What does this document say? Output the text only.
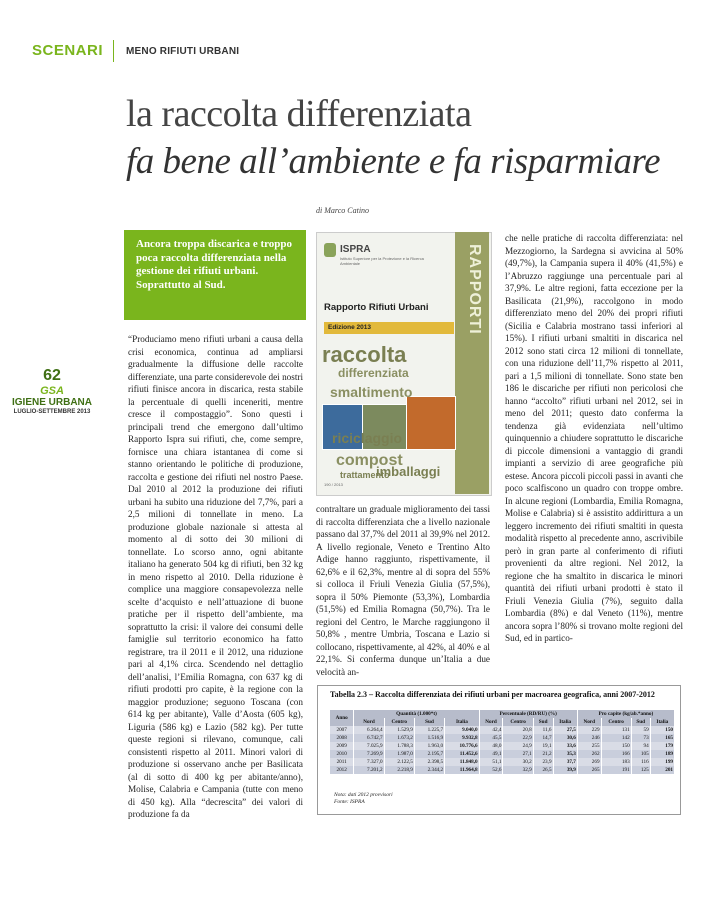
SCENARI MENO RIFIUTI URBANI
la raccolta differenziata
fa bene all’ambiente e fa risparmiare
di Marco Catino
62
GSA
IGIENE URBANA
LUGLIO-SETTEMBRE 2013
Ancora troppa discarica e troppo poca raccolta differenziata nella gestione dei rifiuti urbani. Soprattutto al Sud.

“Produciamo meno rifiuti urbani a causa della crisi economica, continua ad ampliarsi gradualmente la diffusione delle raccolte differenziate, una parte considerevole dei nostri rifiuti finisce ancora in discarica, resta stabile la percentuale di quelli inceneriti, mentre cresce il compostaggio”. Sono questi i principali trend che emergono dall’ultimo Rapporto Ispra sui rifiuti, che, come sempre, fornisce una chiara istantanea di come si stanno orientando le politiche di produzione, raccolta e gestione dei rifiuti nel nostro Paese. Dal 2010 al 2012 la produzione dei rifiuti urbani ha subito una riduzione del 7,7%, pari a 2,5 milioni di tonnellate in meno. La produzione globale nazionale si attesta al momento al di sotto dei 30 milioni di tonnellate. Lo scorso anno, ogni abitante italiano ha generato 504 kg di rifiuti, ben 32 kg in meno rispetto al 2010. Della riduzione è complice una maggiore consapevolezza nelle scelte d’acquisto e nell’attuazione di buone pratiche per il rispetto dell’ambiente, ma soprattutto la crisi: il valore dei consumi delle famiglie sul territorio economico ha fatto registrare, tra il 2011 e il 2012, una riduzione pari al 4,1% circa. Scendendo nel dettaglio dell’analisi, l’Emilia Romagna, con 637 kg di rifiuti prodotti pro capite, è la regione con la maggior produzione; seguono Toscana (con 614 kg per abitante), Valle d’Aosta (605 kg), Liguria (586 kg) e Lazio (582 kg). Per tutte queste regioni si rilevano, comunque, cali consistenti rispetto al 2011. Minori valori di produzione si osservano anche per Basilicata (al di sotto di 400 kg per abitante/anno), Molise, Calabria e Campania (tutte con meno di 450 kg). Alla “decrescita” dei valori di produzione fa da

RAPPORTI
ISPRA
Istituto Superiore per la Protezione e la Ricerca Ambientale
Rapporto Rifiuti Urbani
Edizione 2013
raccolta
differenziata
smaltimento
riciclaggio
compost
trattamento
imballaggi
190 / 2013

contraltare un graduale miglioramento dei tassi di raccolta differenziata che a livello nazionale passano dal 37,7% del 2011 al 39,9% nel 2012. A livello regionale, Veneto e Trentino Alto Adige hanno raggiunto, rispettivamente, il 62,6% e il 62,3%, mentre al di sopra del 55% si colloca il Friuli Venezia Giulia (57,5%), sopra il 50% Piemonte (53,3%), Lombardia (51,5%) ed Emilia Romagna (50,7%). Tra le regioni del Centro, le Marche raggiungono il 50,8% , mentre Umbria, Toscana e Lazio si collocano, rispettivamente, al 42%, al 40% e al 22,1%. Si conferma dunque un’Italia a due velocità an-

che nelle pratiche di raccolta differenziata: nel Mezzogiorno, la Sardegna si avvicina al 50% (49,7%), la Campania supera il 40% (41,5%) e l’Abruzzo raggiunge una percentuale pari al 37,9%. Le altre regioni, fatta eccezione per la Basilicata (21,9%), raccolgono in modo differenziato meno del 20% dei propri rifiuti (Sicilia e Calabria mostrano tassi inferiori al 15%). I rifiuti urbani smaltiti in discarica nel 2012 sono stati circa 12 milioni di tonnellate, con una riduzione dell’11,7% rispetto al 2011, pari a 1,5 milioni di tonnellate. Sono state ben 186 le discariche per rifiuti non pericolosi che hanno “accolto” rifiuti urbani nel 2012, sei in meno del 2011; questo dato conferma la tendenza già evidenziata nell’ultimo quinquennio a chiudere soprattutto le discariche di piccole dimensioni a vantaggio di grandi impianti a servizio di aree geografiche più estese. Ancora piccoli piccoli passi in avanti che poco scalfiscono un quadro con troppe ombre. In alcune regioni (Lombardia, Emilia Romagna, Molise e Calabria) si è assistito addirittura a un leggero incremento dei rifiuti smaltiti in questa modalità rispetto al precedente anno, ascrivibile però in gran parte al conferimento di rifiuti provenienti da altre regioni. Nel 2012, la regione che ha smaltito in discarica le minori quantità dei rifiuti urbani prodotti è stato il Friuli Venezia Giulia (7%), seguito dalla Lombardia (8%) e dal Veneto (11%), mentre ancora sopra l’80% si trovano molte regioni del Sud, ed in partico-

Tabella 2.3 – Raccolta differenziata dei rifiuti urbani per macroarea geografica, anni 2007-2012
Anno	Quantità (1.000*t)				Percentuale (RD/RU) (%)				Pro capite (kg/ab.*anno)			
	Nord	Centro	Sud	Italia	Nord	Centro	Sud	Italia	Nord	Centro	Sud	Italia
2007	6.264,4	1.529,9	1.225,7	9.040,0	42,4	20,8	11,6	27,5	229	131	59	150
2008	6.742,7	1.673,2	1.516,9	9.932,8	45,5	22,9	14,7	30,6	246	142	73	165
2009	7.025,9	1.788,3	1.963,0	10.776,6	48,0	24,9	19,1	33,6	255	150	94	179
2010	7.269,9	1.987,0	2.195,7	11.452,6	49,1	27,1	21,2	35,3	262	166	105	189
2011	7.327,0	2.122,5	2.398,5	11.848,0	51,1	30,2	23,9	37,7	269	183	116	199
2012	7.201,2	2.218,9	2.344,2	11.964,8	52,6	32,9	26,5	39,9	265	191	125	201
Nota: dati 2012 provvisori
Fonte: ISPRA
